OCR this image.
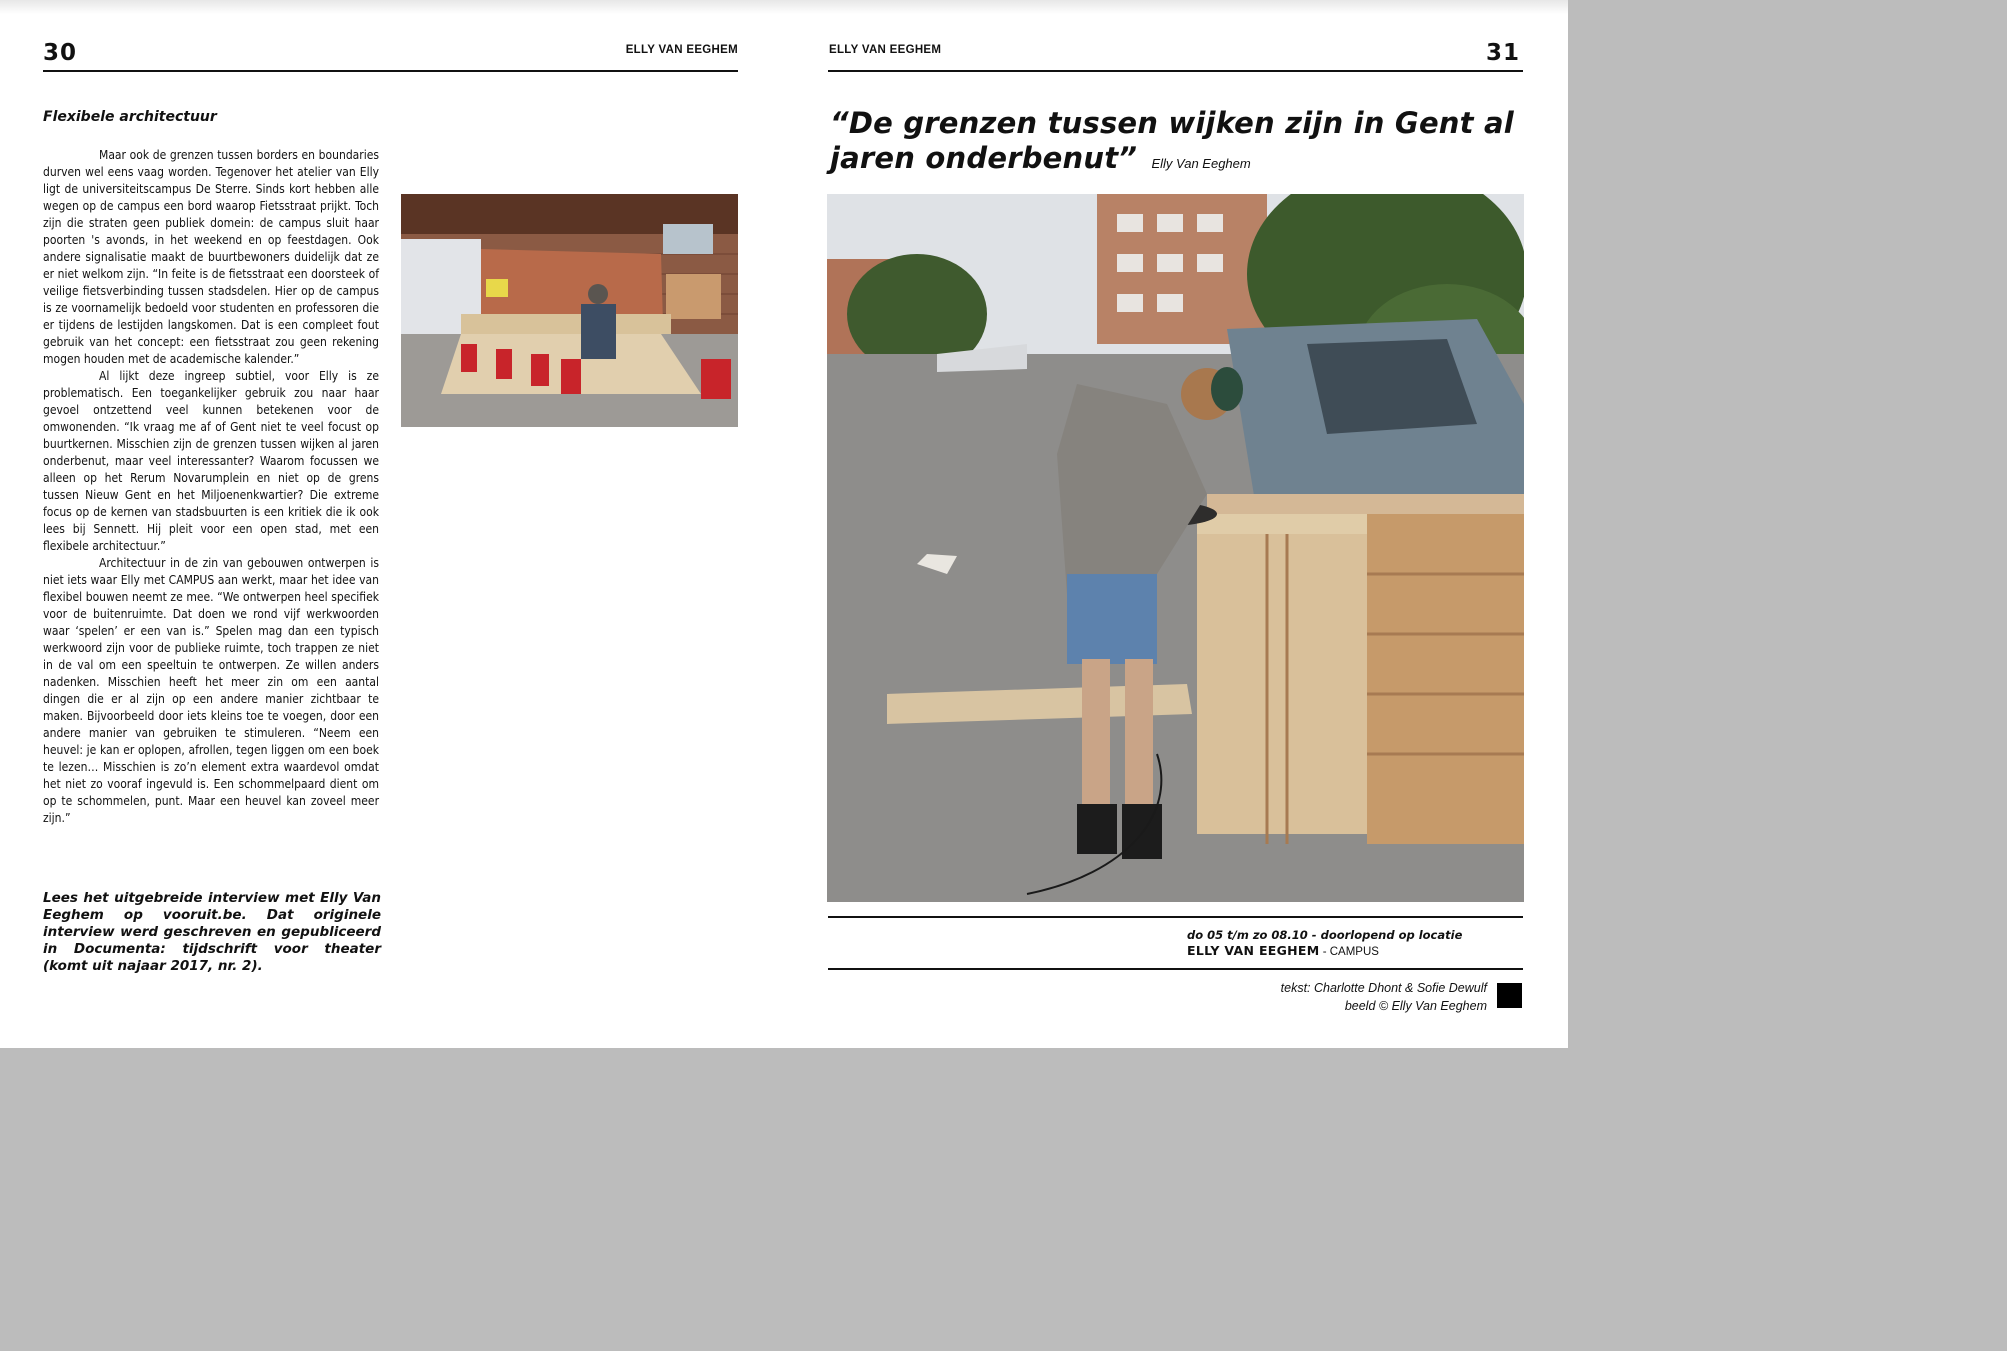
30	ELLY VAN EEGHEM
Flexibele architectuur

Maar ook de grenzen tussen borders en boundaries durven wel eens vaag worden. Tegenover het atelier van Elly ligt de universiteitscampus De Sterre. Sinds kort hebben alle wegen op de campus een bord waarop Fietsstraat prijkt. Toch zijn die straten geen publiek domein: de campus sluit haar poorten 's avonds, in het weekend en op feestdagen. Ook andere signalisatie maakt de buurtbewoners duidelijk dat ze er niet welkom zijn. “In feite is de fietsstraat een doorsteek of veilige fietsverbinding tussen stadsdelen. Hier op de campus is ze voornamelijk bedoeld voor studenten en professoren die er tijdens de lestijden langskomen. Dat is een compleet fout gebruik van het concept: een fietsstraat zou geen rekening mogen houden met de academische kalender.”

Al lijkt deze ingreep subtiel, voor Elly is ze problematisch. Een toegankelijker gebruik zou naar haar gevoel ontzettend veel kunnen betekenen voor de omwonenden. “Ik vraag me af of Gent niet te veel focust op buurtkernen. Misschien zijn de grenzen tussen wijken al jaren onderbenut, maar veel interessanter? Waarom focussen we alleen op het Rerum Novarumplein en niet op de grens tussen Nieuw Gent en het Miljoenenkwartier? Die extreme focus op de kernen van stadsbuurten is een kritiek die ik ook lees bij Sennett. Hij pleit voor een open stad, met een flexibele architectuur.”

Architectuur in de zin van gebouwen ontwerpen is niet iets waar Elly met CAMPUS aan werkt, maar het idee van flexibel bouwen neemt ze mee. “We ontwerpen heel specifiek voor de buitenruimte. Dat doen we rond vijf werkwoorden waar ‘spelen’ er een van is.” Spelen mag dan een typisch werkwoord zijn voor de publieke ruimte, toch trappen ze niet in de val om een speeltuin te ontwerpen. Ze willen anders nadenken. Misschien heeft het meer zin om een aantal dingen die er al zijn op een andere manier zichtbaar te maken. Bijvoorbeeld door iets kleins toe te voegen, door een andere manier van gebruiken te stimuleren. “Neem een heuvel: je kan er oplopen, afrollen, tegen liggen om een boek te lezen… Misschien is zo’n element extra waardevol omdat het niet zo vooraf ingevuld is. Een schommelpaard dient om op te schommelen, punt. Maar een heuvel kan zoveel meer zijn.”

Lees het uitgebreide interview met Elly Van Eeghem op vooruit.be. Dat originele interview werd geschreven en gepubliceerd in Documenta: tijdschrift voor theater (komt uit najaar 2017, nr. 2).
ELLY VAN EEGHEM	31
“De grenzen tussen wijken zijn in Gent al jaren onderbenut” Elly Van Eeghem
do 05 t/m zo 08.10 - doorlopend op locatie
ELLY VAN EEGHEM - CAMPUS
tekst: Charlotte Dhont & Sofie Dewulf
beeld © Elly Van Eeghem
